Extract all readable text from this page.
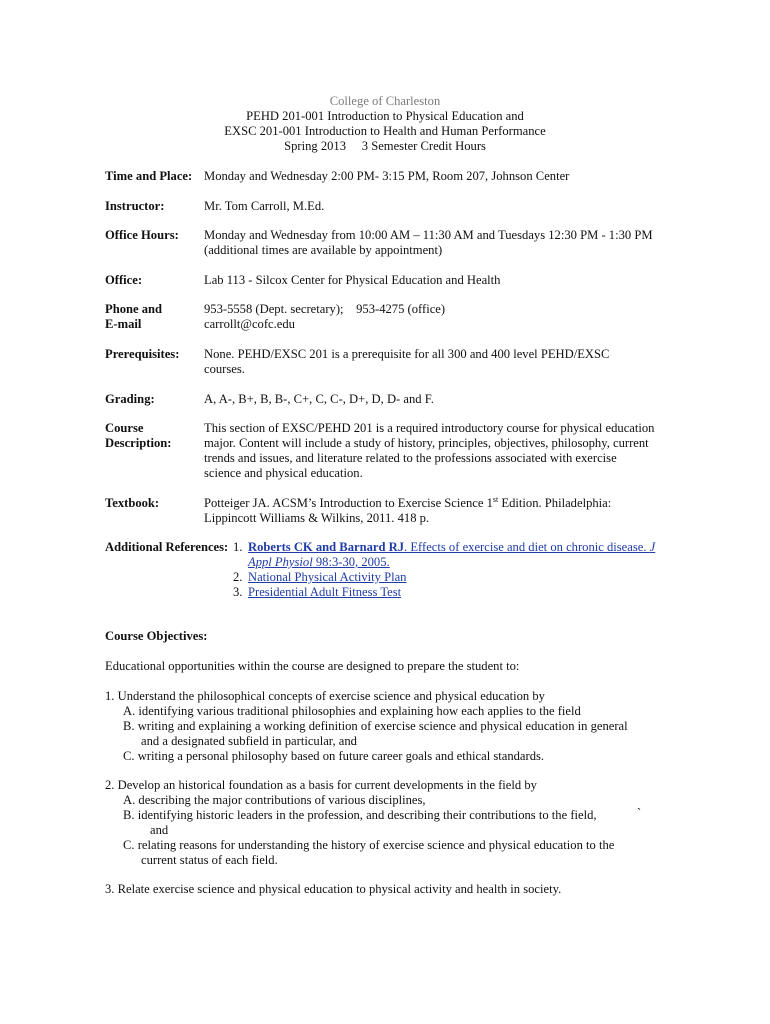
College of Charleston
PEHD 201-001 Introduction to Physical Education and
EXSC 201-001 Introduction to Health and Human Performance
Spring 2013     3 Semester Credit Hours
Time and Place: Monday and Wednesday 2:00 PM- 3:15 PM, Room 207, Johnson Center
Instructor:	Mr. Tom Carroll, M.Ed.
Office Hours: Monday and Wednesday from 10:00 AM – 11:30 AM and Tuesdays 12:30 PM - 1:30 PM
(additional times are available by appointment)
Office:	Lab 113 - Silcox Center for Physical Education and Health
Phone and
E-mail
953-5558 (Dept. secretary);    953-4275 (office)
carrollt@cofc.edu
Prerequisites: None. PEHD/EXSC 201 is a prerequisite for all 300 and 400 level PEHD/EXSC
courses.
Grading:	A, A-, B+, B, B-, C+, C, C-, D+, D, D- and F.
Course
Description:
This section of EXSC/PEHD 201 is a required introductory course for physical education
major. Content will include a study of history, principles, objectives, philosophy, current
trends and issues, and literature related to the professions associated with exercise
science and physical education.
Textbook:	Potteiger JA. ACSM’s Introduction to Exercise Science 1st Edition. Philadelphia:
Lippincott Williams & Wilkins, 2011. 418 p.
Additional References: 1. Roberts CK and Barnard RJ. Effects of exercise and diet on chronic disease. J
Appl Physiol 98:3-30, 2005.
2. National Physical Activity Plan
3. Presidential Adult Fitness Test
Course Objectives:
Educational opportunities within the course are designed to prepare the student to:
1. Understand the philosophical concepts of exercise science and physical education by
A. identifying various traditional philosophies and explaining how each applies to the field
B. writing and explaining a working definition of exercise science and physical education in general
and a designated subfield in particular, and
C. writing a personal philosophy based on future career goals and ethical standards.
2. Develop an historical foundation as a basis for current developments in the field by
A. describing the major contributions of various disciplines,
B. identifying historic leaders in the profession, and describing their contributions to the field,	`
and
C. relating reasons for understanding the history of exercise science and physical education to the
current status of each field.
3. Relate exercise science and physical education to physical activity and health in society.
